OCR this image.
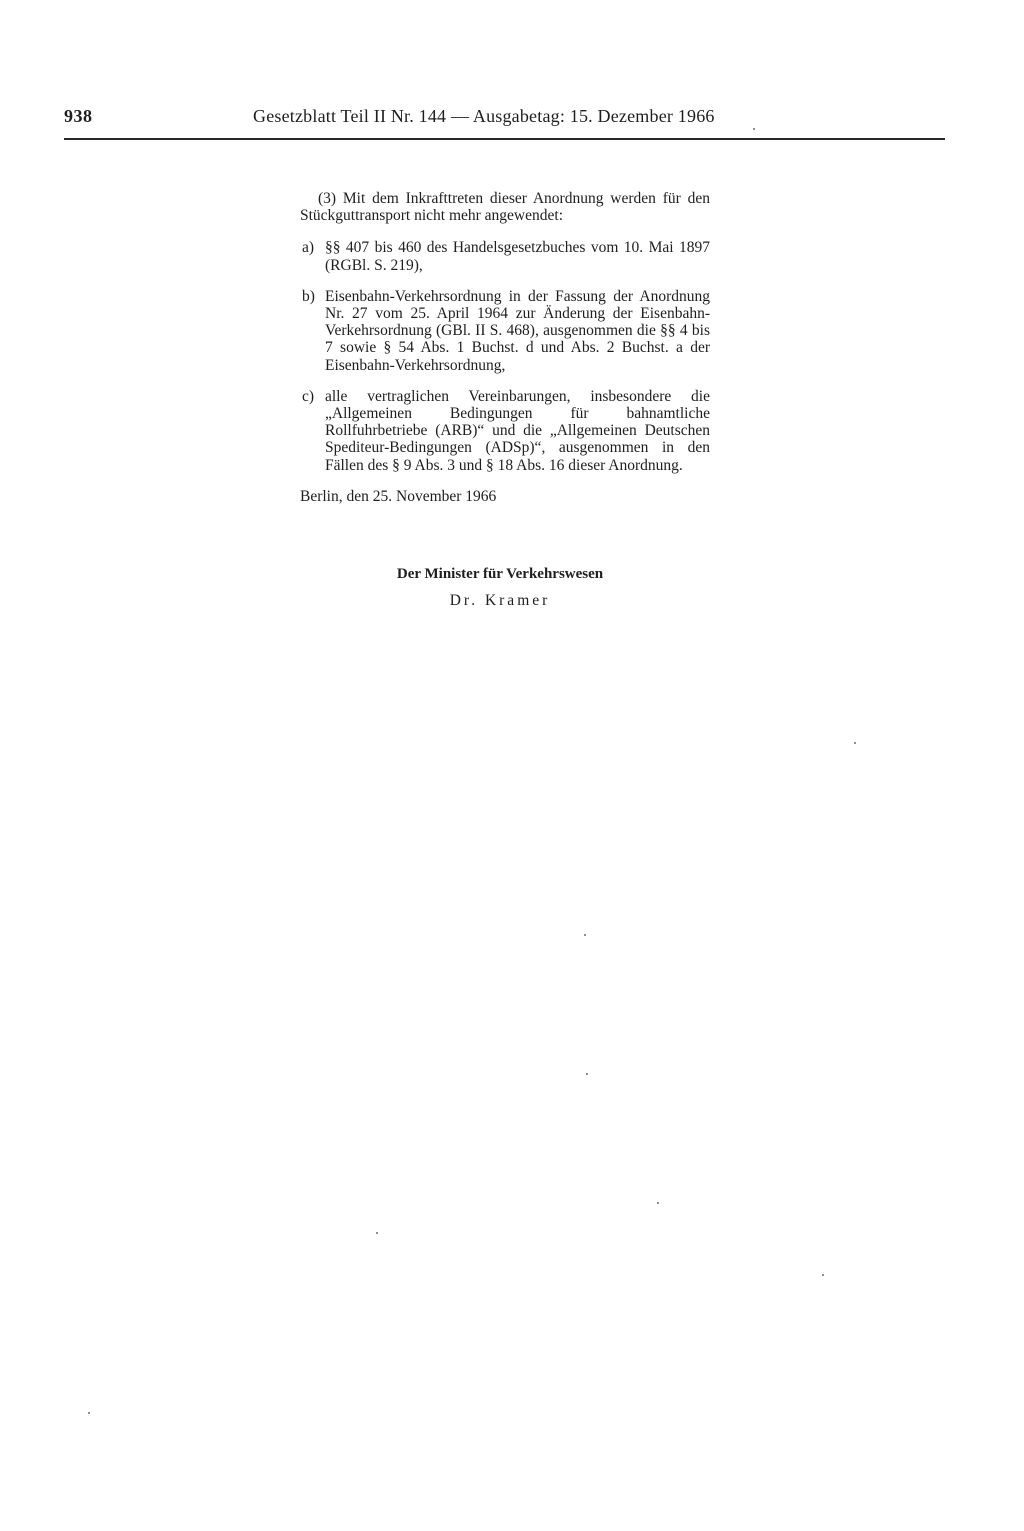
938	Gesetzblatt Teil II Nr. 144 — Ausgabetag: 15. Dezember 1966

(3) Mit dem Inkrafttreten dieser Anordnung werden für den Stückguttransport nicht mehr angewendet:

a) §§ 407 bis 460 des Handelsgesetzbuches vom 10. Mai 1897 (RGBl. S. 219),
b) Eisenbahn-Verkehrsordnung in der Fassung der Anordnung Nr. 27 vom 25. April 1964 zur Änderung der Eisenbahn-Verkehrsordnung (GBl. II S. 468), ausgenommen die §§ 4 bis 7 sowie § 54 Abs. 1 Buchst. d und Abs. 2 Buchst. a der Eisenbahn-Verkehrsordnung,
c) alle vertraglichen Vereinbarungen, insbesondere die „Allgemeinen Bedingungen für bahnamtliche Rollfuhrbetriebe (ARB)“ und die „Allgemeinen Deutschen Spediteur-Bedingungen (ADSp)“, ausgenommen in den Fällen des § 9 Abs. 3 und § 18 Abs. 16 dieser Anordnung.

Berlin, den 25. November 1966

Der Minister für Verkehrswesen
Dr. Kramer
